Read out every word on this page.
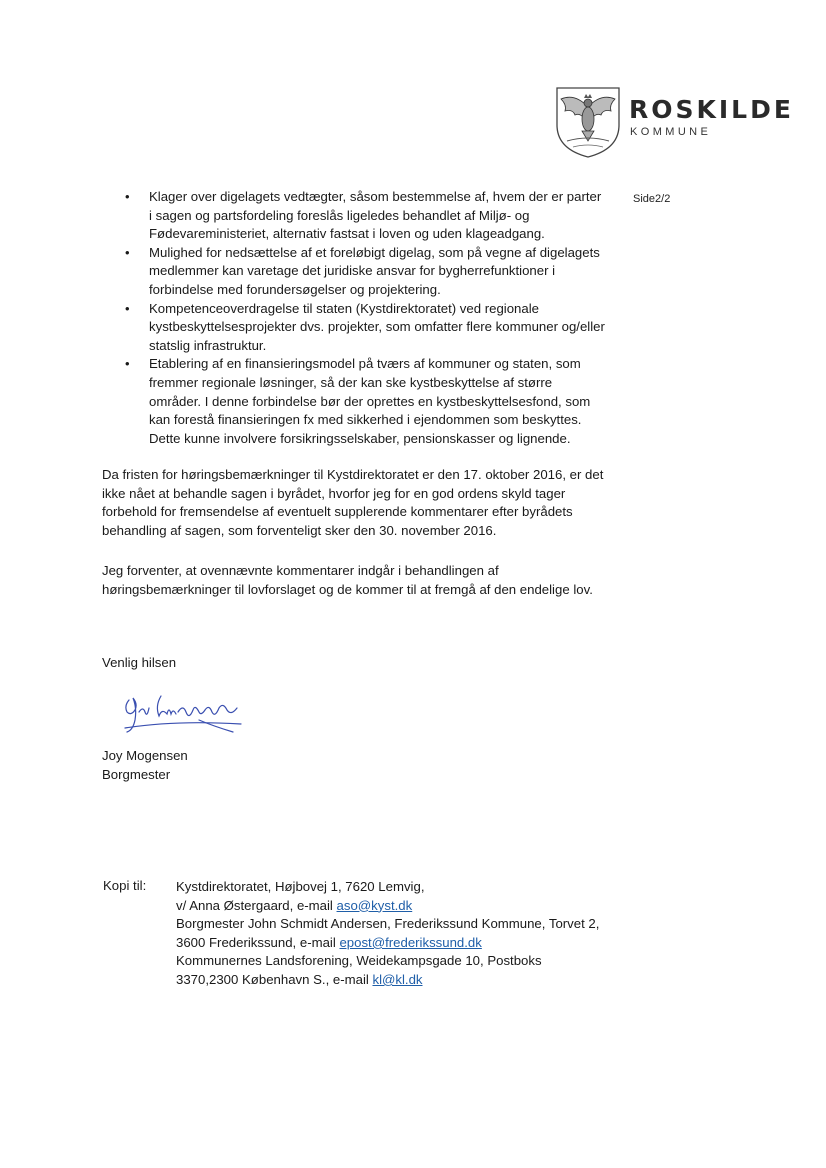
ROSKILDE
KOMMUNE
Side2/2
• Klager over digelagets vedtægter, såsom bestemmelse af, hvem der er parter
i sagen og partsfordeling foreslås ligeledes behandlet af Miljø- og
Fødevareministeriet, alternativ fastsat i loven og uden klageadgang.
• Mulighed for nedsættelse af et foreløbigt digelag, som på vegne af digelagets
medlemmer kan varetage det juridiske ansvar for bygherrefunktioner i
forbindelse med forundersøgelser og projektering.
• Kompetenceoverdragelse til staten (Kystdirektoratet) ved regionale
kystbeskyttelsesprojekter dvs. projekter, som omfatter flere kommuner og/eller
statslig infrastruktur.
• Etablering af en finansieringsmodel på tværs af kommuner og staten, som
fremmer regionale løsninger, så der kan ske kystbeskyttelse af større
områder. I denne forbindelse bør der oprettes en kystbeskyttelsesfond, som
kan forestå finansieringen fx med sikkerhed i ejendommen som beskyttes.
Dette kunne involvere forsikringsselskaber, pensionskasser og lignende.

Da fristen for høringsbemærkninger til Kystdirektoratet er den 17. oktober 2016, er det
ikke nået at behandle sagen i byrådet, hvorfor jeg for en god ordens skyld tager
forbehold for fremsendelse af eventuelt supplerende kommentarer efter byrådets
behandling af sagen, som forventeligt sker den 30. november 2016.

Jeg forventer, at ovennævnte kommentarer indgår i behandlingen af
høringsbemærkninger til lovforslaget og de kommer til at fremgå af den endelige lov.

Venlig hilsen

Joy Mogensen
Borgmester

Kopi til: Kystdirektoratet, Højbovej 1, 7620 Lemvig,
v/ Anna Østergaard, e-mail aso@kyst.dk
Borgmester John Schmidt Andersen, Frederikssund Kommune, Torvet 2,
3600 Frederikssund, e-mail epost@frederikssund.dk
Kommunernes Landsforening, Weidekampsgade 10, Postboks
3370,2300 København S., e-mail kl@kl.dk
